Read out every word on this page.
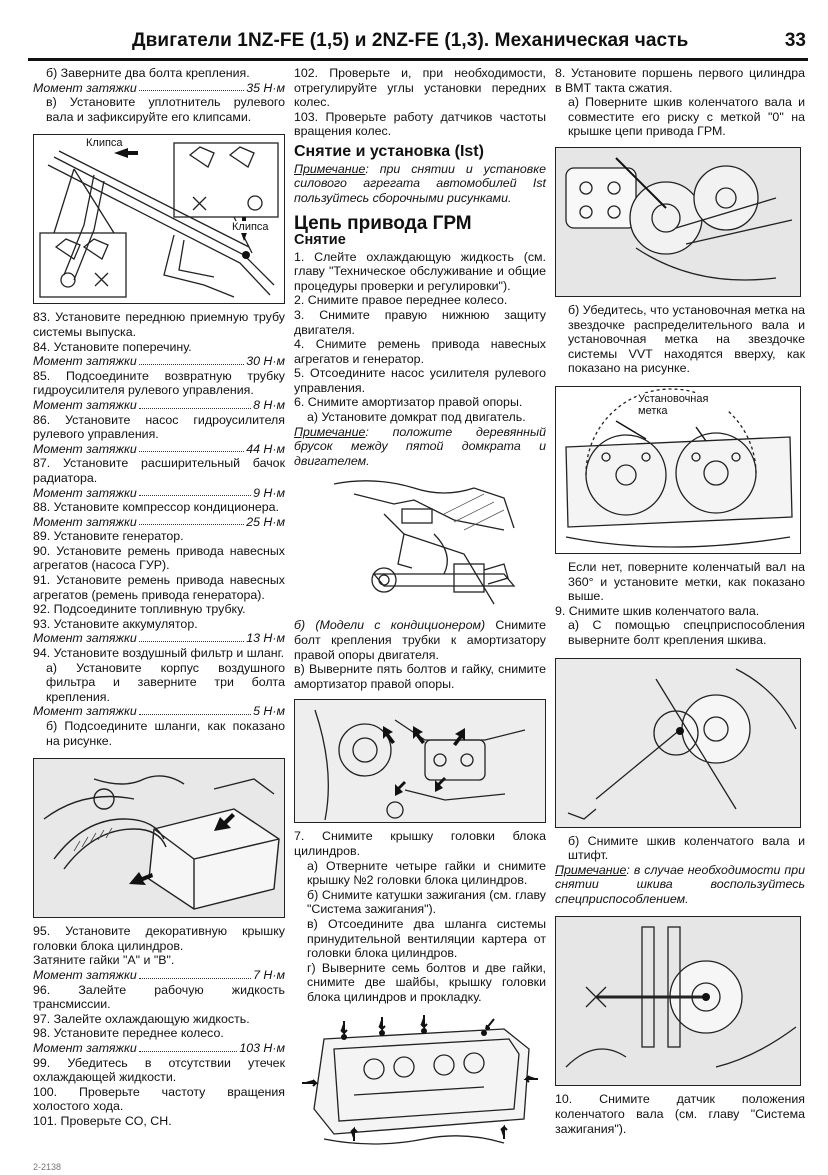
Двигатели 1NZ-FE (1,5) и 2NZ-FE (1,3). Механическая часть	33

б) Заверните два болта крепления.

Момент затяжки	35 Н·м

в) Установите уплотнитель рулевого вала и зафиксируйте его клипсами.

Клипса
Клипса

83. Установите переднюю приемную трубу системы выпуска.

84. Установите поперечину.

Момент затяжки	30 Н·м

85. Подсоедините возвратную трубку гидроусилителя рулевого управления.

Момент затяжки	8 Н·м

86. Установите насос гидроусилителя рулевого управления.

Момент затяжки	44 Н·м

87. Установите расширительный бачок радиатора.

Момент затяжки	9 Н·м

88. Установите компрессор кондиционера.

Момент затяжки	25 Н·м

89. Установите генератор.

90. Установите ремень привода навесных агрегатов (насоса ГУР).

91. Установите ремень привода навесных агрегатов (ремень привода генератора).

92. Подсоедините топливную трубку.

93. Установите аккумулятор.

Момент затяжки	13 Н·м

94. Установите воздушный фильтр и шланг.

а) Установите корпус воздушного фильтра и заверните три болта крепления.

Момент затяжки	5 Н·м

б) Подсоедините шланги, как показано на рисунке.

95. Установите декоративную крышку головки блока цилиндров.

Затяните гайки "A" и "B".

Момент затяжки	7 Н·м

96. Залейте рабочую жидкость трансмиссии.

97. Залейте охлаждающую жидкость.

98. Установите переднее колесо.

Момент затяжки	103 Н·м

99. Убедитесь в отсутствии утечек охлаждающей жидкости.

100. Проверьте частоту вращения холостого хода.

101. Проверьте CO, CH.

102. Проверьте и, при необходимости, отрегулируйте углы установки передних колес.

103. Проверьте работу датчиков частоты вращения колес.

Снятие и установка (Ist)

Примечание: при снятии и установке силового агрегата автомобилей Ist пользуйтесь сборочными рисунками.

Цепь привода ГРМ
Снятие

1. Слейте охлаждающую жидкость (см. главу "Техническое обслуживание и общие процедуры проверки и регулировки").

2. Снимите правое переднее колесо.

3. Снимите правую нижнюю защиту двигателя.

4. Снимите ремень привода навесных агрегатов и генератор.

5. Отсоедините насос усилителя рулевого управления.

6. Снимите амортизатор правой опоры.

а) Установите домкрат под двигатель.

Примечание: положите деревянный брусок между пятой домкрата и двигателем.

б) (Модели с кондиционером) Снимите болт крепления трубки к амортизатору правой опоры двигателя.

в) Выверните пять болтов и гайку, снимите амортизатор правой опоры.

7. Снимите крышку головки блока цилиндров.

а) Отверните четыре гайки и снимите крышку №2 головки блока цилиндров.

б) Снимите катушки зажигания (см. главу "Система зажигания").

в) Отсоедините два шланга системы принудительной вентиляции картера от головки блока цилиндров.

г) Выверните семь болтов и две гайки, снимите две шайбы, крышку головки блока цилиндров и прокладку.

8. Установите поршень первого цилиндра в ВМТ такта сжатия.

а) Поверните шкив коленчатого вала и совместите его риску с меткой "0" на крышке цепи привода ГРМ.

б) Убедитесь, что установочная метка на звездочке распределительного вала и установочная метка на звездочке системы VVT находятся вверху, как показано на рисунке.

Установочная метка

Если нет, поверните коленчатый вал на 360° и установите метки, как показано выше.

9. Снимите шкив коленчатого вала.

а) С помощью спецприспособления выверните болт крепления шкива.

б) Снимите шкив коленчатого вала и штифт.

Примечание: в случае необходимости при снятии шкива воспользуйтесь спецприспособлением.

10. Снимите датчик положения коленчатого вала (см. главу "Система зажигания").

2-2138
